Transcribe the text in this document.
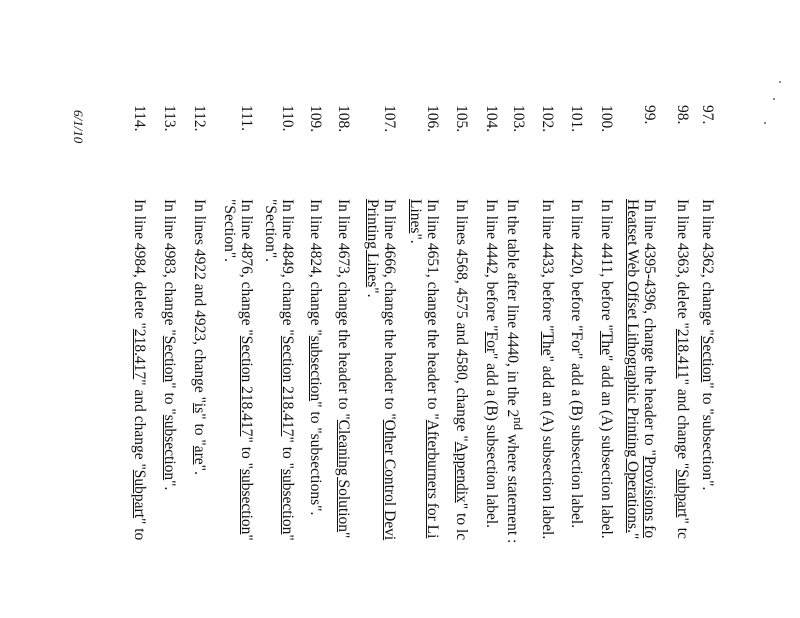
97.
In line 4362, change "Section" to "subsection".
98.
In line 4363, delete "218.411" and change "Subpart" tc
99.
In line 4395-4396, change the header to "Provisions fo
Heatset Web Offset Lithographic Printing Operations."
100.
In line 4411, before "The" add an (A) subsection label.
101.
In line 4420, before "For" add a (B) subsection label.
102.
In line 4433, before "The" add an (A) subsection label.
103.
In the table after line 4440, in the 2nd where statement :
104.
In line 4442, before "For" add a (B) subsection label.
105.
In lines 4568, 4575 and 4580, change "Appendix" to lc
106.
In line 4651, change the header to "Afterburners for Li
Lines".
107.
In line 4666, change the header to "Other Control Devi
Printing Lines".
108.
In line 4673, change the header to "Cleaning Solution"
109.
In line 4824, change "subsection" to "subsections".
110.
In line 4849, change "Section 218.417" to "subsection"
"Section".
111.
In line 4876, change "Section 218.417" to "subsection"
"Section".
112.
In lines 4922 and 4923, change "is" to "are".
113.
In line 4983, change "Section" to "subsection".
114.
In line 4984, delete "218.417" and change "Subpart" to
6/1/10
